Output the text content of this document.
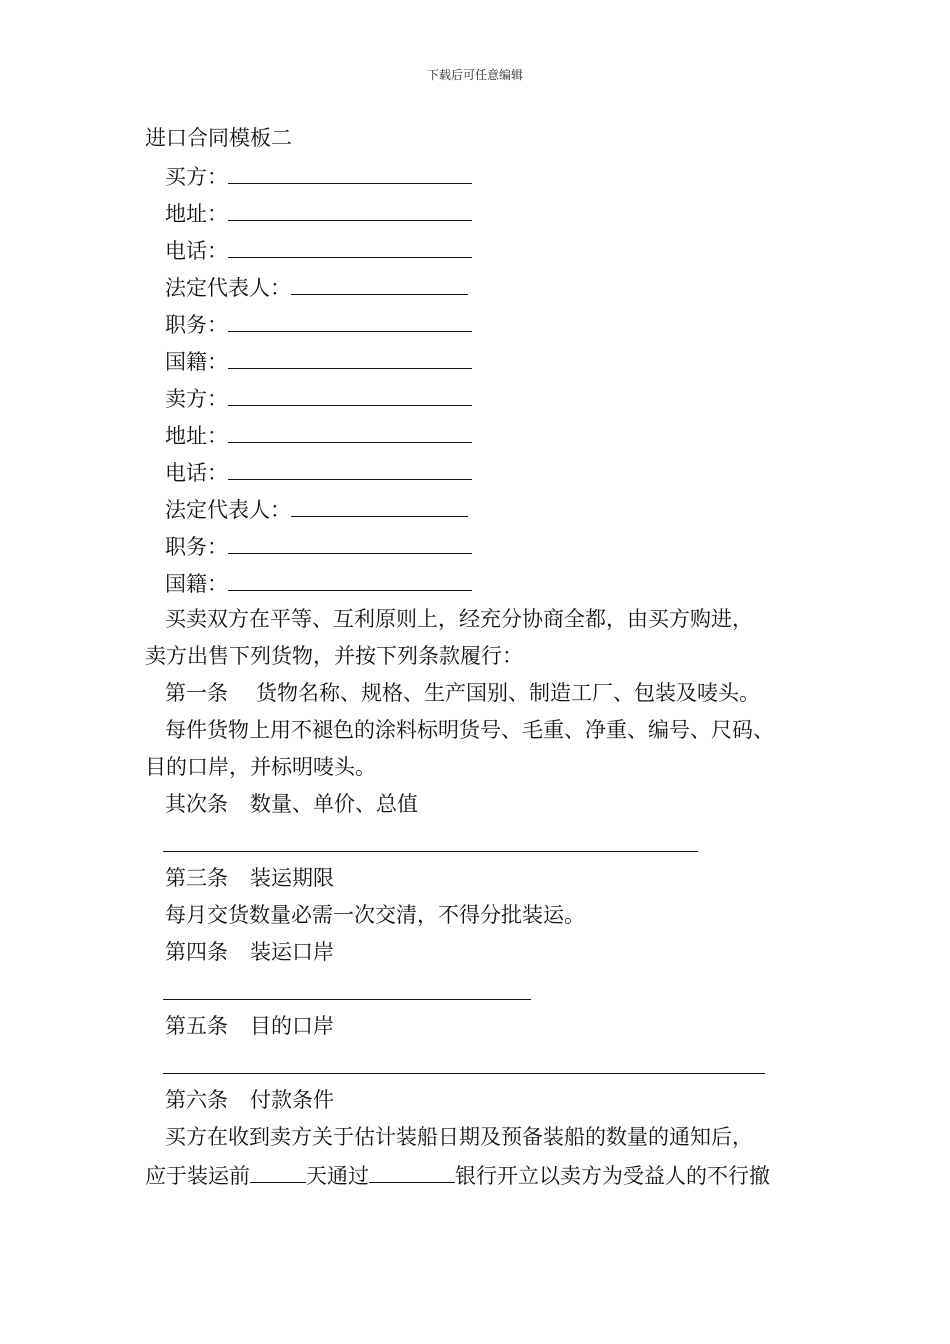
下载后可任意编辑
进口合同模板二
买方：
地址：
电话：
法定代表人：
职务：
国籍：
卖方：
地址：
电话：
法定代表人：
职务：
国籍：
买卖双方在平等、互利原则上，经充分协商全都，由买方购进，
卖方出售下列货物，并按下列条款履行：
第一条 货物名称、规格、生产国别、制造工厂、包装及唛头。
每件货物上用不褪色的涂料标明货号、毛重、净重、编号、尺码、
目的口岸，并标明唛头。
其次条 数量、单价、总值
第三条 装运期限
每月交货数量必需一次交清，不得分批装运。
第四条 装运口岸
第五条 目的口岸
第六条 付款条件
买方在收到卖方关于估计装船日期及预备装船的数量的通知后，
应于装运前	天通过	银行开立以卖方为受益人的不行撤
